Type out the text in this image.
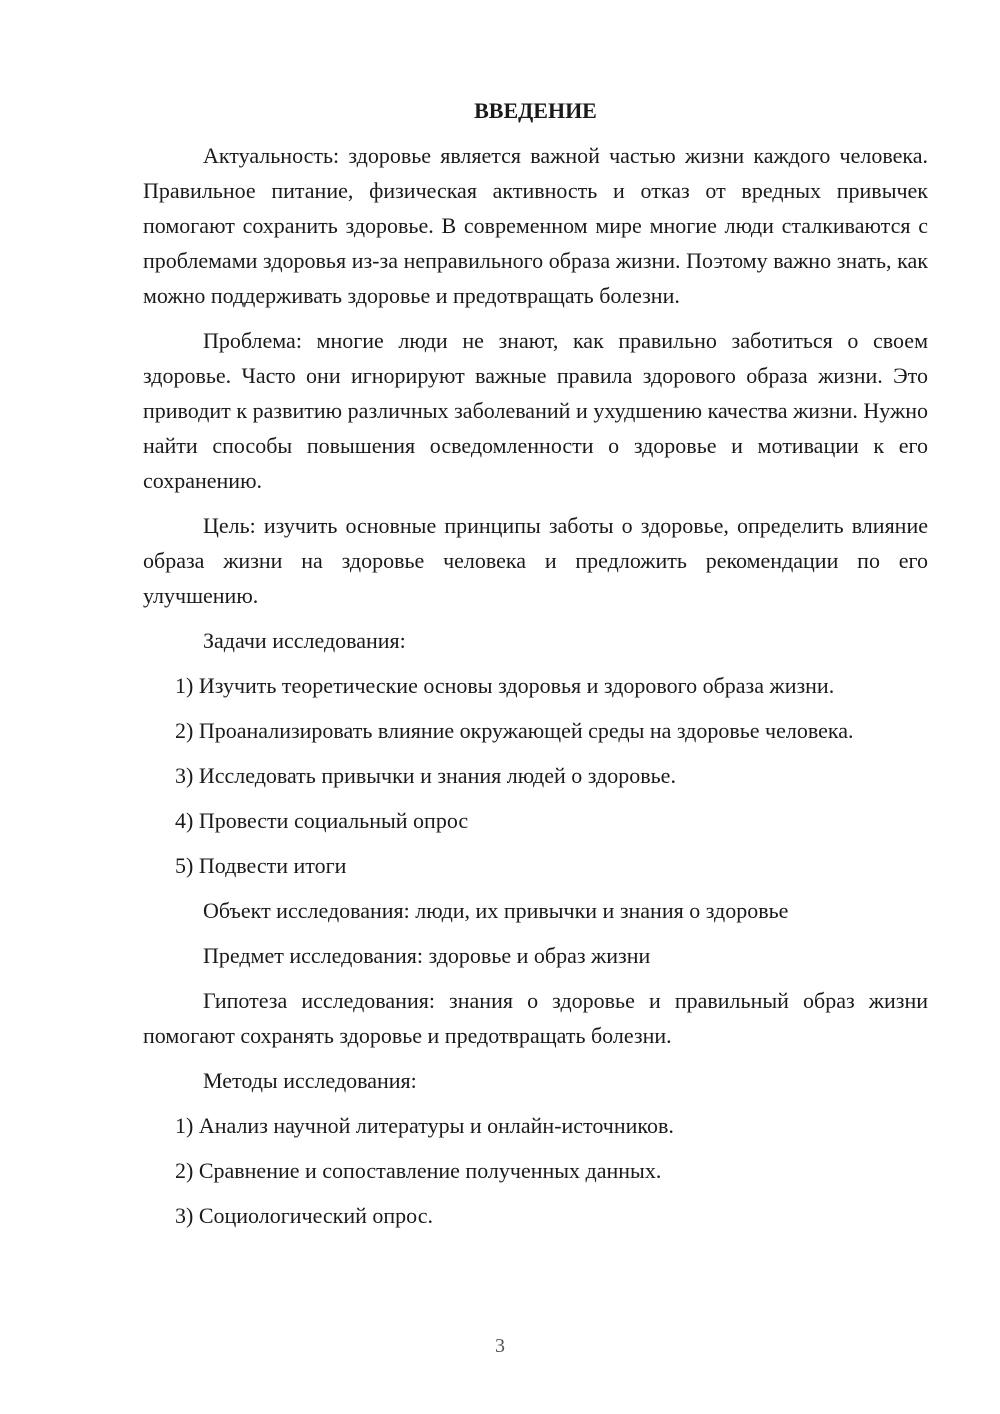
ВВЕДЕНИЕ
Актуальность: здоровье является важной частью жизни каждого человека. Правильное питание, физическая активность и отказ от вредных привычек помогают сохранить здоровье. В современном мире многие люди сталкиваются с проблемами здоровья из-за неправильного образа жизни. Поэтому важно знать, как можно поддерживать здоровье и предотвращать болезни.
Проблема: многие люди не знают, как правильно заботиться о своем здоровье. Часто они игнорируют важные правила здорового образа жизни. Это приводит к развитию различных заболеваний и ухудшению качества жизни. Нужно найти способы повышения осведомленности о здоровье и мотивации к его сохранению.
Цель: изучить основные принципы заботы о здоровье, определить влияние образа жизни на здоровье человека и предложить рекомендации по его улучшению.
Задачи исследования:
1) Изучить теоретические основы здоровья и здорового образа жизни.
2) Проанализировать влияние окружающей среды на здоровье человека.
3) Исследовать привычки и знания людей о здоровье.
4) Провести социальный опрос
5) Подвести итоги
Объект исследования: люди, их привычки и знания о здоровье
Предмет исследования: здоровье и образ жизни
Гипотеза исследования: знания о здоровье и правильный образ жизни помогают сохранять здоровье и предотвращать болезни.
Методы исследования:
1) Анализ научной литературы и онлайн-источников.
2) Сравнение и сопоставление полученных данных.
3) Социологический опрос.
3
